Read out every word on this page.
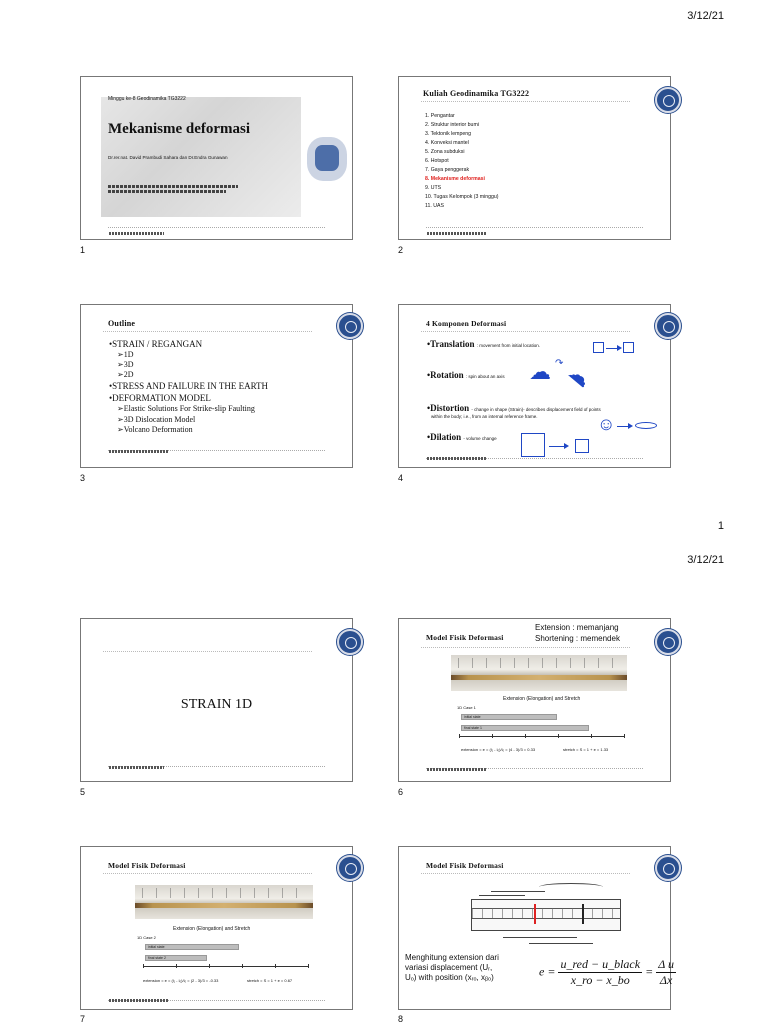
3/12/21
Minggu ke-8 Geodinamika TG3222
Mekanisme deformasi
Dr.rer.nat. David Prambudi Sahara dan Dr.Endra Gunawan
1
Kuliah Geodinamika TG3222
1. Pengantar
2. Struktur interior bumi
3. Tektonik lempeng
4. Konveksi mantel
5. Zona subduksi
6. Hotspot
7. Gaya penggerak
8. Mekanisme deformasi
9. UTS
10. Tugas Kelompok (3 minggu)
11. UAS
2
Outline
•STRAIN / REGANGAN
➢1D
➢3D
➢2D
•STRESS AND FAILURE IN THE EARTH
•DEFORMATION MODEL
➢Elastic Solutions For Strike-slip Faulting
➢3D Dislocation Model
➢Volcano Deformation
3
4 Komponen Deformasi
•Translation : movement from initial location.
•Rotation : spin about an axis ☁ ↷ ☁
•Distortion - change in shape (Strain)- describes displacement field of points
within the body; i.e., from an internal reference frame.	☺
•Dilation - volume change
4
1
3/12/21
STRAIN 1D
5
Model Fisik Deformasi
Extension : memanjang
Shortening : memendek
Extension (Elongation) and Stretch
1D Case 1
initial state
final state 1
extension = e = (l₁ - l₀)/l₀ = (4 - 3)/3 = 0.33	stretch = S = 1 + e = 1.33
6
Model Fisik Deformasi
Extension (Elongation) and Stretch
1D Case 2
initial state
final state 2
extension = e = (l₁ - l₀)/l₀ = (2 - 3)/3 = -0.33	stretch = S = 1 + e = 0.67
7
Model Fisik Deformasi
Menghitung extension dari
variasi displacement (Uᵣ,
Uₒ) with position (xᵣₒ, xᵦₒ)	$e = \frac{\text{u\_red − u\_black}}{x\_ro - x\_bo} = \frac{\text{Δ u}}{\Delta x}$
8
